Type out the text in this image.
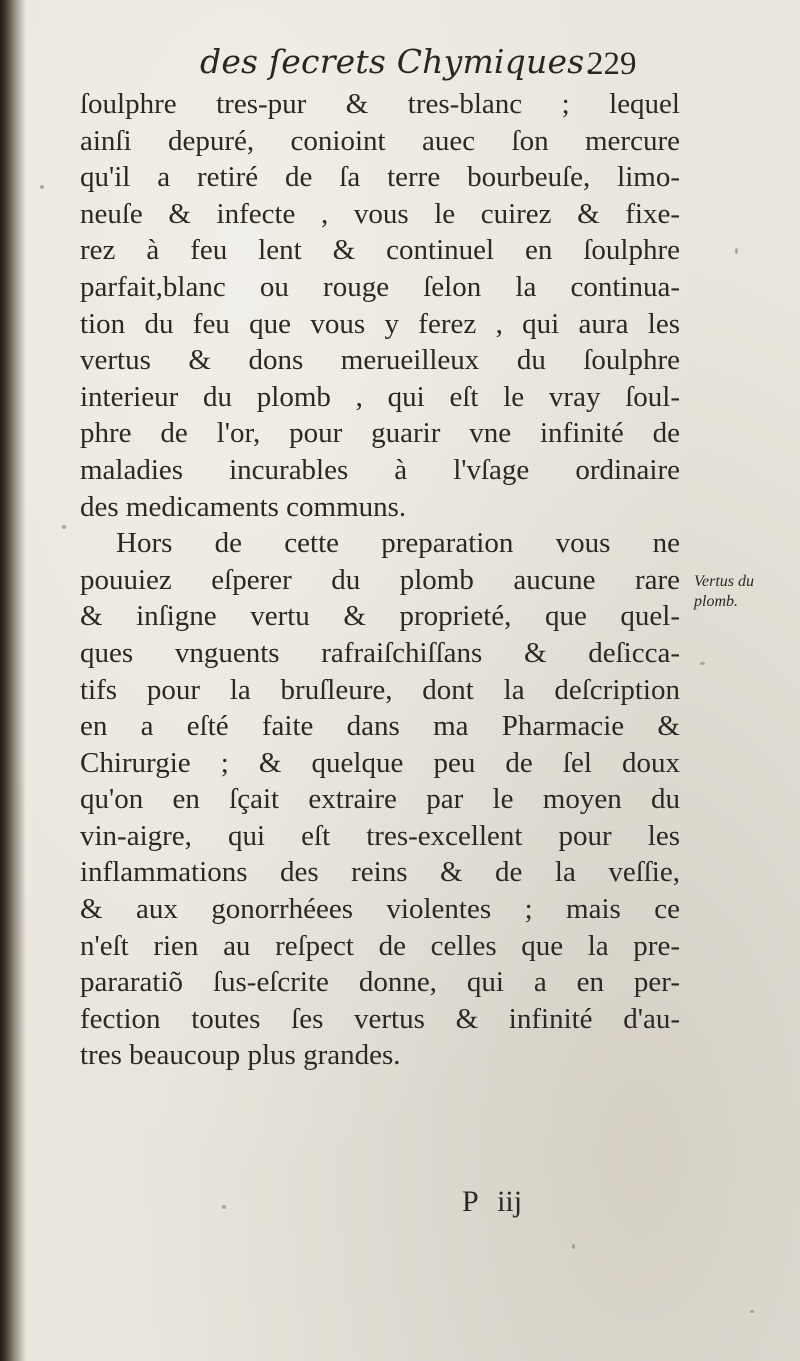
des ſecrets Chymiques.
229
ſoulphre tres-pur & tres-blanc ; lequel
ainſi depuré, conioint auec ſon mercure
qu'il a retiré de ſa terre bourbeuſe, limo-
neuſe & infecte , vous le cuirez & fixe-
rez à feu lent & continuel en ſoulphre
parfait,blanc ou rouge ſelon la continua-
tion du feu que vous y ferez , qui aura les
vertus & dons merueilleux du ſoulphre
interieur du plomb , qui eſt le vray ſoul-
phre de l'or, pour guarir vne infinité de
maladies incurables à l'vſage ordinaire
des medicaments communs.
Hors de cette preparation vous ne
pouuiez eſperer du plomb aucune rare
& inſigne vertu & proprieté, que quel-
ques vnguents rafraiſchiſſans & deſicca-
tifs pour la bruſleure, dont la deſcription
en a eſté faite dans ma Pharmacie &
Chirurgie ; & quelque peu de ſel doux
qu'on en ſçait extraire par le moyen du
vin-aigre, qui eſt tres-excellent pour les
inflammations des reins & de la veſſie,
& aux gonorrhéees violentes ; mais ce
n'eſt rien au reſpect de celles que la pre-
pararatiõ ſus-eſcrite donne, qui a en per-
fection toutes ſes vertus & infinité d'au-
tres beaucoup plus grandes.
Vertus du plomb.
P iij
